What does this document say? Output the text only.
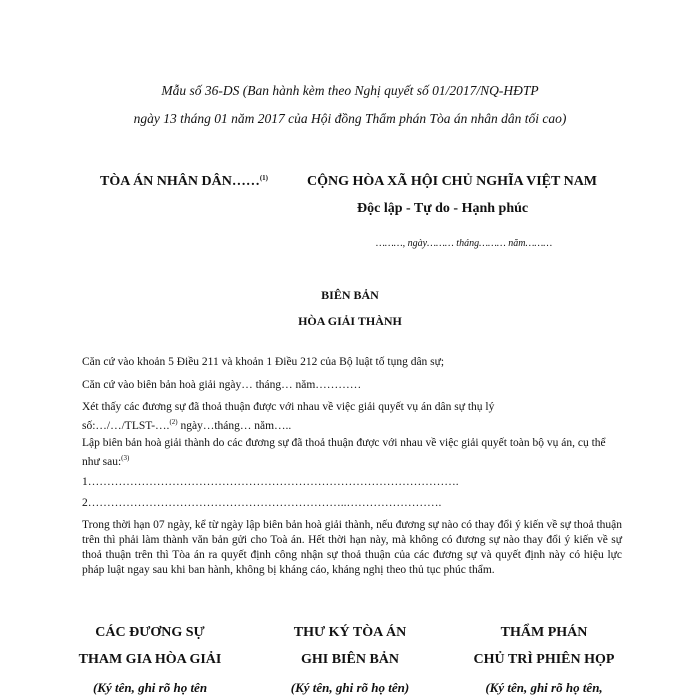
Mẫu số 36-DS (Ban hành kèm theo Nghị quyết số 01/2017/NQ-HĐTP
ngày 13 tháng 01 năm 2017 của Hội đồng Thẩm phán Tòa án nhân dân tối cao)
TÒA ÁN NHÂN DÂN……$^{(1)}$	CỘNG HÒA XÃ HỘI CHỦ NGHĨA VIỆT NAM
Độc lập - Tự do - Hạnh phúc
………, ngày……… tháng……… năm………
BIÊN BẢN
HÒA GIẢI THÀNH
Căn cứ vào khoản 5 Điều 211 và khoản 1 Điều 212 của Bộ luật tố tụng dân sự;
Căn cứ vào biên bản hoà giải ngày… tháng… năm…………
Xét thấy các đương sự đã thoả thuận được với nhau về việc giải quyết vụ án dân sự thụ lý
số:…/…/TLST-….$^{(2)}$ ngày…tháng… năm…..
Lập biên bản hoà giải thành do các đương sự đã thoả thuận được với nhau về việc giải quyết toàn bộ vụ án, cụ thể như sau:$^{(3)}$
1…………………………………………………………………………………….
2…………………………………………………………..…………………….
Trong thời hạn 07 ngày, kể từ ngày lập biên bản hoà giải thành, nếu đương sự nào có thay đổi ý kiến về sự thoả thuận trên thì phải làm thành văn bản gửi cho Toà án. Hết thời hạn này, mà không có đương sự nào thay đổi ý kiến về sự thoả thuận trên thì Tòa án ra quyết định công nhận sự thoả thuận của các đương sự và quyết định này có hiệu lực pháp luật ngay sau khi ban hành, không bị kháng cáo, kháng nghị theo thủ tục phúc thẩm.
CÁC ĐƯƠNG SỰ
THAM GIA HÒA GIẢI
(Ký tên, ghi rõ họ tên
THƯ KÝ TÒA ÁN
GHI BIÊN BẢN
(Ký tên, ghi rõ họ tên)
THẨM PHÁN
CHỦ TRÌ PHIÊN HỌP
(Ký tên, ghi rõ họ tên,
